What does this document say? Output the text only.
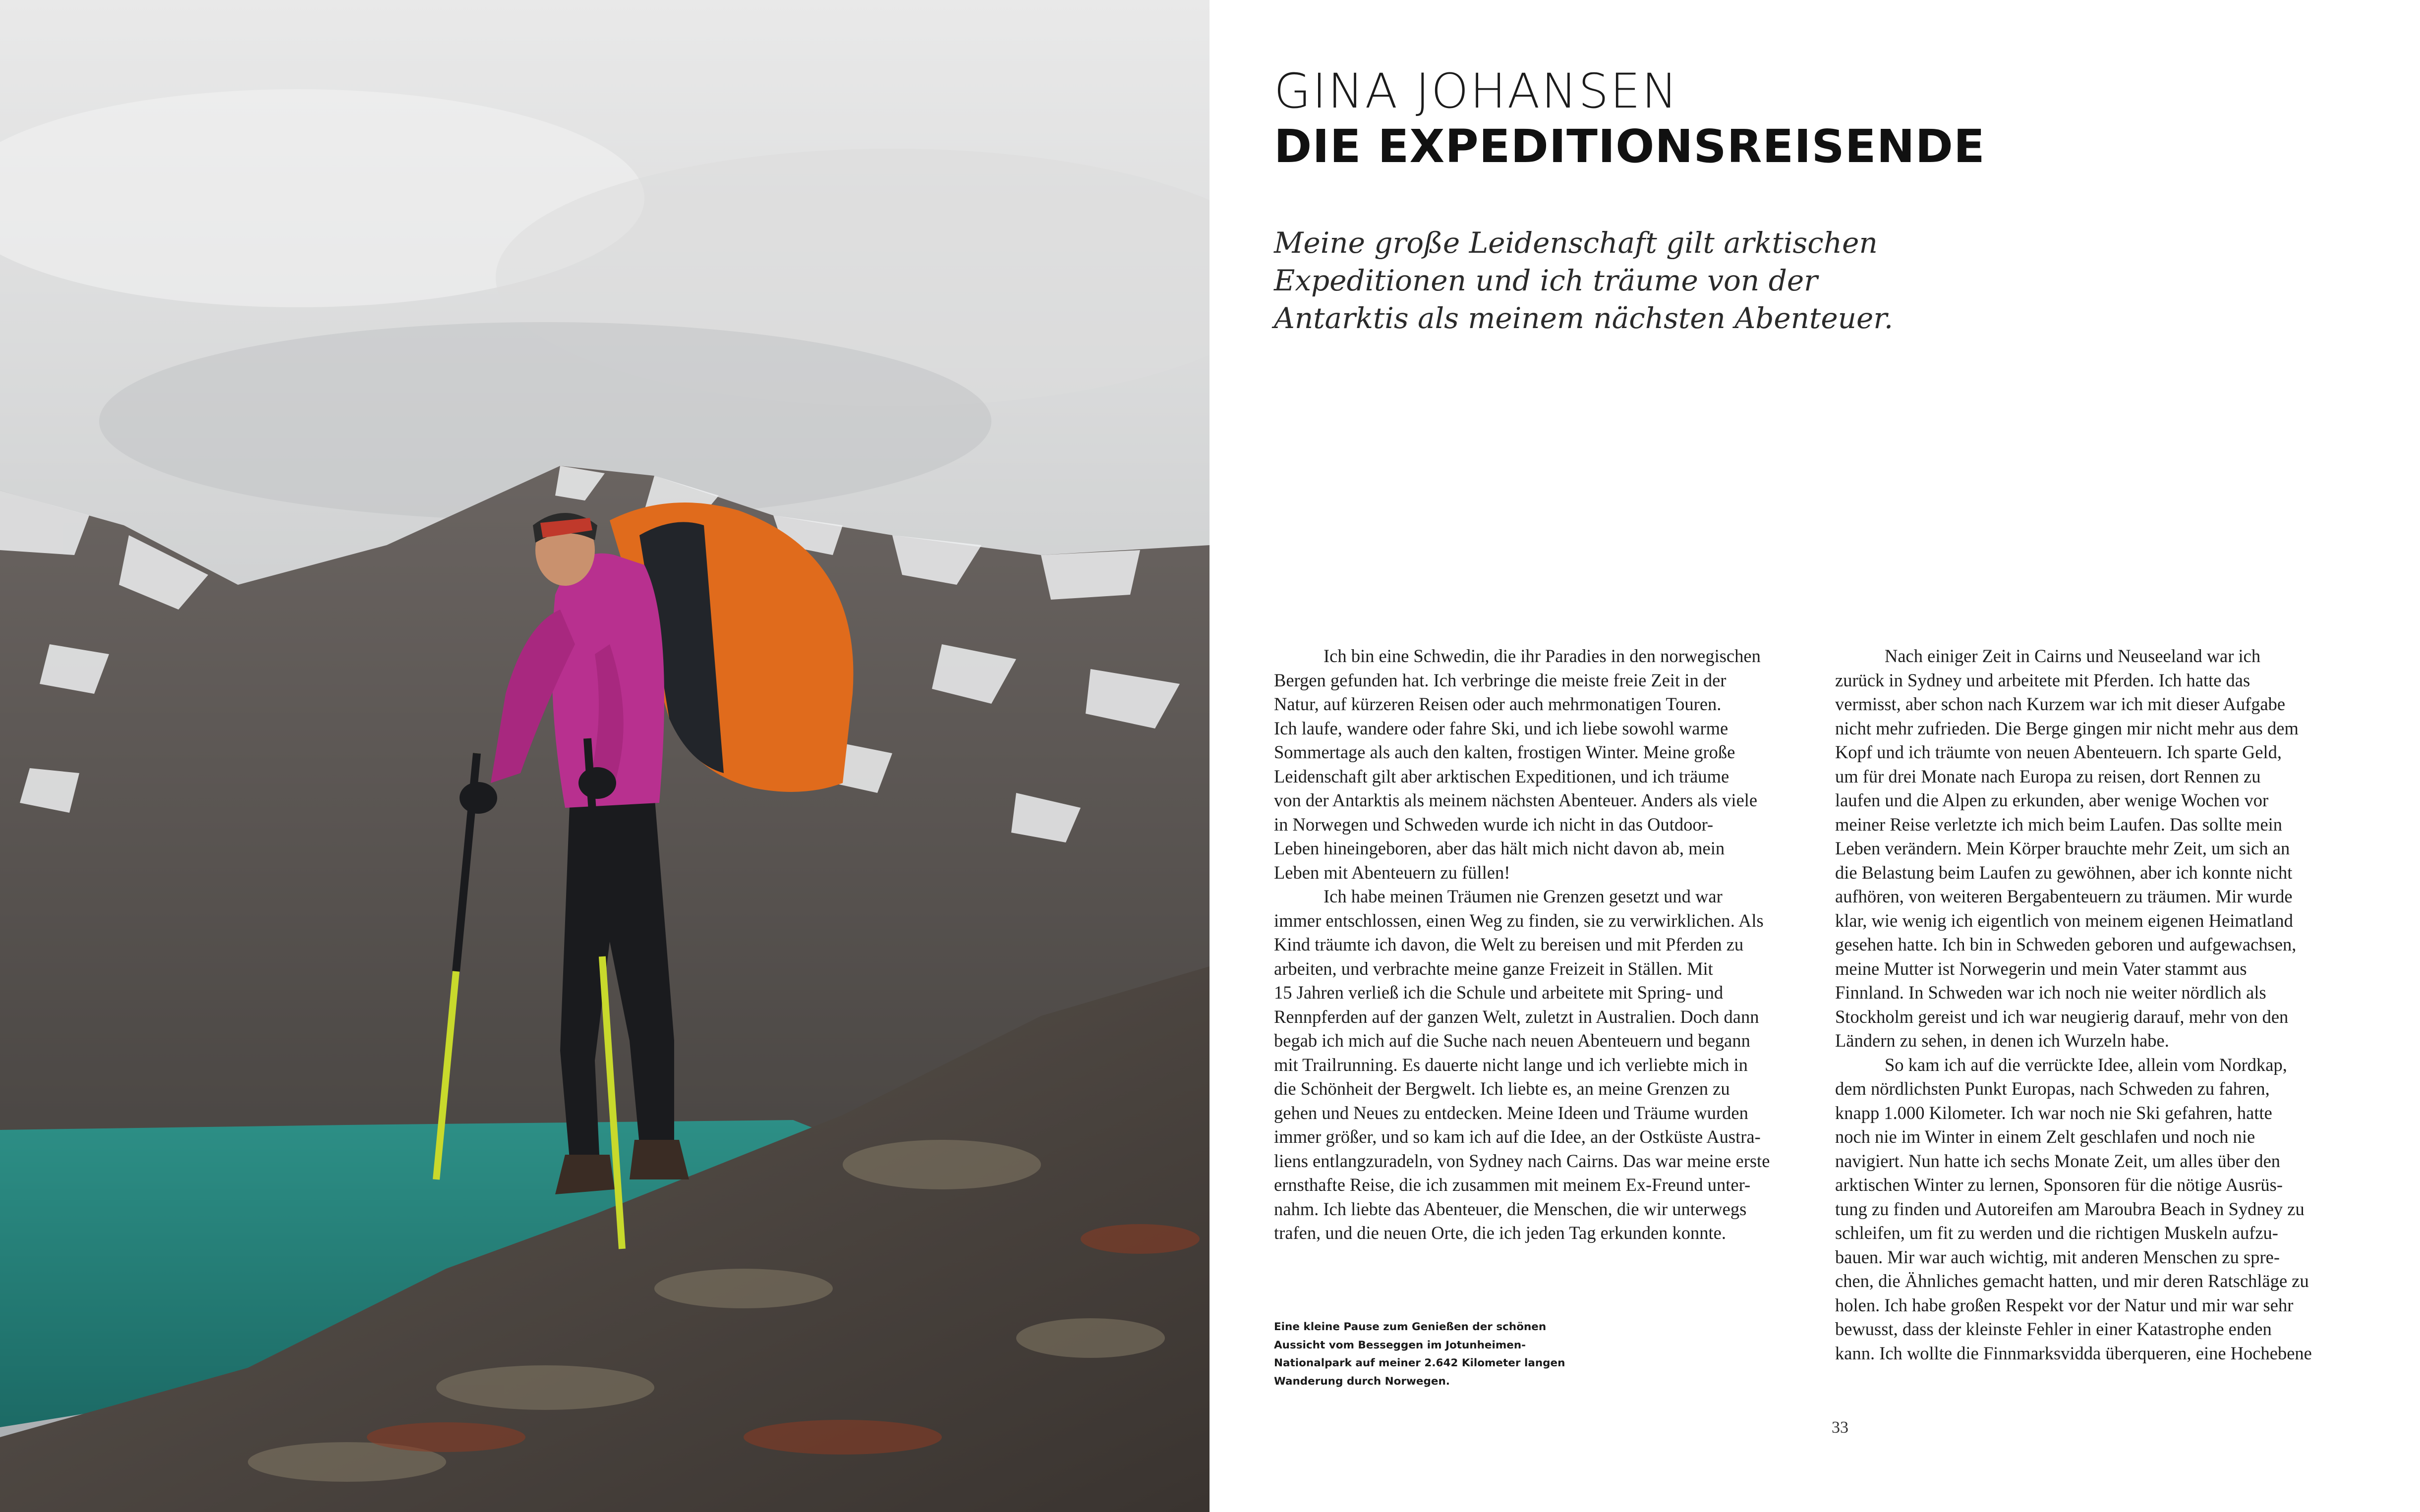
GINA JOHANSEN
DIE EXPEDITIONSREISENDE
Meine große Leidenschaft gilt arktischen
Expeditionen und ich träume von der
Antarktis als meinem nächsten Abenteuer.
Ich bin eine Schwedin, die ihr Paradies in den norwegischen
Bergen gefunden hat. Ich verbringe die meiste freie Zeit in der
Natur, auf kürzeren Reisen oder auch mehrmonatigen Touren.
Ich laufe, wandere oder fahre Ski, und ich liebe sowohl warme
Sommertage als auch den kalten, frostigen Winter. Meine große
Leidenschaft gilt aber arktischen Expeditionen, und ich träume
von der Antarktis als meinem nächsten Abenteuer. Anders als viele
in Norwegen und Schweden wurde ich nicht in das Outdoor-
Leben hineingeboren, aber das hält mich nicht davon ab, mein
Leben mit Abenteuern zu füllen!
Ich habe meinen Träumen nie Grenzen gesetzt und war
immer entschlossen, einen Weg zu finden, sie zu verwirklichen. Als
Kind träumte ich davon, die Welt zu bereisen und mit Pferden zu
arbeiten, und verbrachte meine ganze Freizeit in Ställen. Mit
15 Jahren verließ ich die Schule und arbeitete mit Spring- und
Rennpferden auf der ganzen Welt, zuletzt in Australien. Doch dann
begab ich mich auf die Suche nach neuen Abenteuern und begann
mit Trailrunning. Es dauerte nicht lange und ich verliebte mich in
die Schönheit der Bergwelt. Ich liebte es, an meine Grenzen zu
gehen und Neues zu entdecken. Meine Ideen und Träume wurden
immer größer, und so kam ich auf die Idee, an der Ostküste Austra-
liens entlangzuradeln, von Sydney nach Cairns. Das war meine erste
ernsthafte Reise, die ich zusammen mit meinem Ex-Freund unter-
nahm. Ich liebte das Abenteuer, die Menschen, die wir unterwegs
trafen, und die neuen Orte, die ich jeden Tag erkunden konnte.
Nach einiger Zeit in Cairns und Neuseeland war ich
zurück in Sydney und arbeitete mit Pferden. Ich hatte das
vermisst, aber schon nach Kurzem war ich mit dieser Aufgabe
nicht mehr zufrieden. Die Berge gingen mir nicht mehr aus dem
Kopf und ich träumte von neuen Abenteuern. Ich sparte Geld,
um für drei Monate nach Europa zu reisen, dort Rennen zu
laufen und die Alpen zu erkunden, aber wenige Wochen vor
meiner Reise verletzte ich mich beim Laufen. Das sollte mein
Leben verändern. Mein Körper brauchte mehr Zeit, um sich an
die Belastung beim Laufen zu gewöhnen, aber ich konnte nicht
aufhören, von weiteren Bergabenteuern zu träumen. Mir wurde
klar, wie wenig ich eigentlich von meinem eigenen Heimatland
gesehen hatte. Ich bin in Schweden geboren und aufgewachsen,
meine Mutter ist Norwegerin und mein Vater stammt aus
Finnland. In Schweden war ich noch nie weiter nördlich als
Stockholm gereist und ich war neugierig darauf, mehr von den
Ländern zu sehen, in denen ich Wurzeln habe.
So kam ich auf die verrückte Idee, allein vom Nordkap,
dem nördlichsten Punkt Europas, nach Schweden zu fahren,
knapp 1.000 Kilometer. Ich war noch nie Ski gefahren, hatte
noch nie im Winter in einem Zelt geschlafen und noch nie
navigiert. Nun hatte ich sechs Monate Zeit, um alles über den
arktischen Winter zu lernen, Sponsoren für die nötige Ausrüs-
tung zu finden und Autoreifen am Maroubra Beach in Sydney zu
schleifen, um fit zu werden und die richtigen Muskeln aufzu-
bauen. Mir war auch wichtig, mit anderen Menschen zu spre-
chen, die Ähnliches gemacht hatten, und mir deren Ratschläge zu
holen. Ich habe großen Respekt vor der Natur und mir war sehr
bewusst, dass der kleinste Fehler in einer Katastrophe enden
kann. Ich wollte die Finnmarksvidda überqueren, eine Hochebene
Eine kleine Pause zum Genießen der schönen
Aussicht vom Besseggen im Jotunheimen-
Nationalpark auf meiner 2.642 Kilometer langen
Wanderung durch Norwegen.
33
